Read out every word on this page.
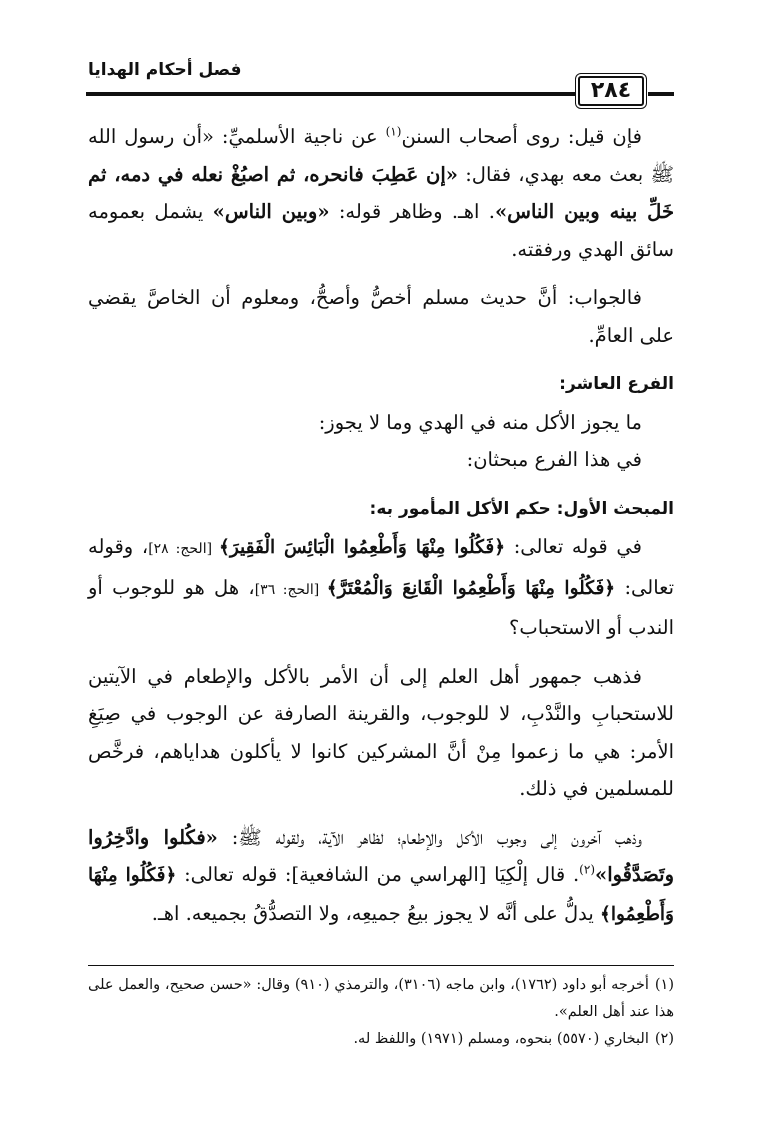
فصل أحكام الهدايا
٢٨٤

فإن قيل: روى أصحاب السنن$^{(١)}$ عن ناجية الأسلميِّ: «أن رسول الله ﷺ بعث معه بهدي، فقال: «إن عَطِبَ فانحره، ثم اصبُغْ نعله في دمه، ثم خَلِّ بينه وبين الناس». اهـ. وظاهر قوله: «وبين الناس» يشمل بعمومه سائق الهدي ورفقته.

فالجواب: أنَّ حديث مسلم أخصُّ وأصحُّ، ومعلوم أن الخاصَّ يقضي على العامِّ.

الفرع العاشر:

ما يجوز الأكل منه في الهدي وما لا يجوز:

في هذا الفرع مبحثان:

المبحث الأول: حكم الأكل المأمور به:

في قوله تعالى: ﴿فَكُلُوا مِنْهَا وَأَطْعِمُوا الْبَائِسَ الْفَقِيرَ﴾ [الحج: ٢٨]، وقوله تعالى: ﴿فَكُلُوا مِنْهَا وَأَطْعِمُوا الْقَانِعَ وَالْمُعْتَرَّ﴾ [الحج: ٣٦]، هل هو للوجوب أو الندب أو الاستحباب؟

فذهب جمهور أهل العلم إلى أن الأمر بالأكل والإطعام في الآيتين للاستحبابِ والنَّدْبِ، لا للوجوب، والقرينة الصارفة عن الوجوب في صِيَغِ الأمر: هي ما زعموا مِنْ أنَّ المشركين كانوا لا يأكلون هداياهم، فرخَّص للمسلمين في ذلك.

وذهب آخرون إلى وجوب الأكل والإطعام؛ لظاهر الآية، ولقوله ﷺ: «فكُلوا وادَّخِرُوا وتَصَدَّقُوا»$^{(٢)}$. قال إلْكِيَا [الهراسي من الشافعية]: قوله تعالى: ﴿فَكُلُوا مِنْهَا وَأَطْعِمُوا﴾ يدلُّ على أنَّه لا يجوز بيعُ جميعِه، ولا التصدُّقُ بجميعه. اهـ.

(١)أخرجه أبو داود (١٧٦٢)، وابن ماجه (٣١٠٦)، والترمذي (٩١٠) وقال: «حسن صحيح، والعمل على هذا عند أهل العلم».

(٢)البخاري (٥٥٧٠) بنحوه، ومسلم (١٩٧١) واللفظ له.
